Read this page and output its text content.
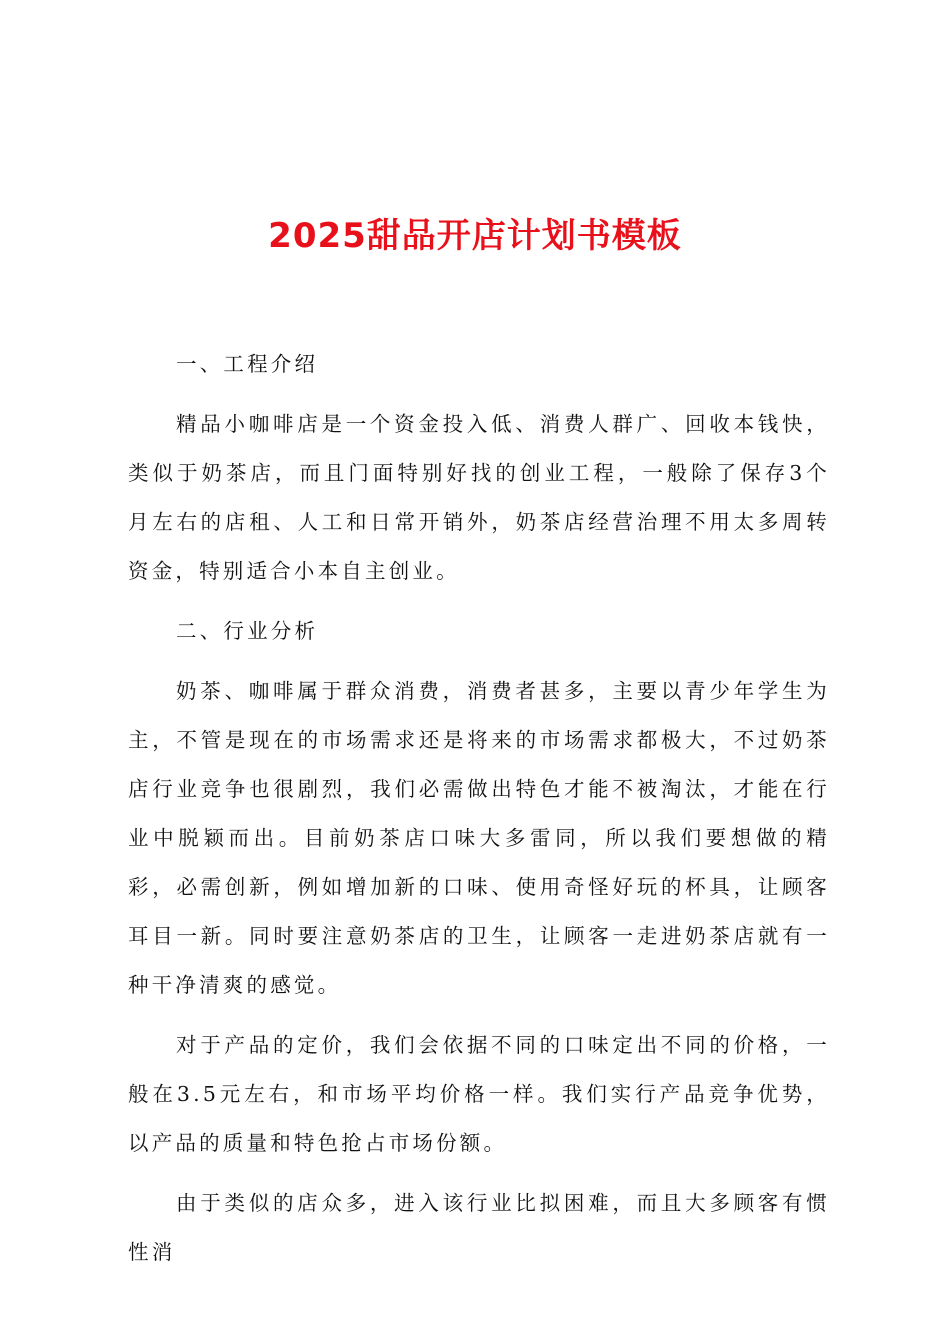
2025甜品开店计划书模板

一、工程介绍

精品小咖啡店是一个资金投入低、消费人群广、回收本钱快，类似于奶茶店，而且门面特别好找的创业工程，一般除了保存3个月左右的店租、人工和日常开销外，奶茶店经营治理不用太多周转资金，特别适合小本自主创业。

二、行业分析

奶茶、咖啡属于群众消费，消费者甚多，主要以青少年学生为主，不管是现在的市场需求还是将来的市场需求都极大，不过奶茶店行业竞争也很剧烈，我们必需做出特色才能不被淘汰，才能在行业中脱颖而出。目前奶茶店口味大多雷同，所以我们要想做的精彩，必需创新，例如增加新的口味、使用奇怪好玩的杯具，让顾客耳目一新。同时要注意奶茶店的卫生，让顾客一走进奶茶店就有一种干净清爽的感觉。

对于产品的定价，我们会依据不同的口味定出不同的价格，一般在3.5元左右，和市场平均价格一样。我们实行产品竞争优势，以产品的质量和特色抢占市场份额。

由于类似的店众多，进入该行业比拟困难，而且大多顾客有惯性消
